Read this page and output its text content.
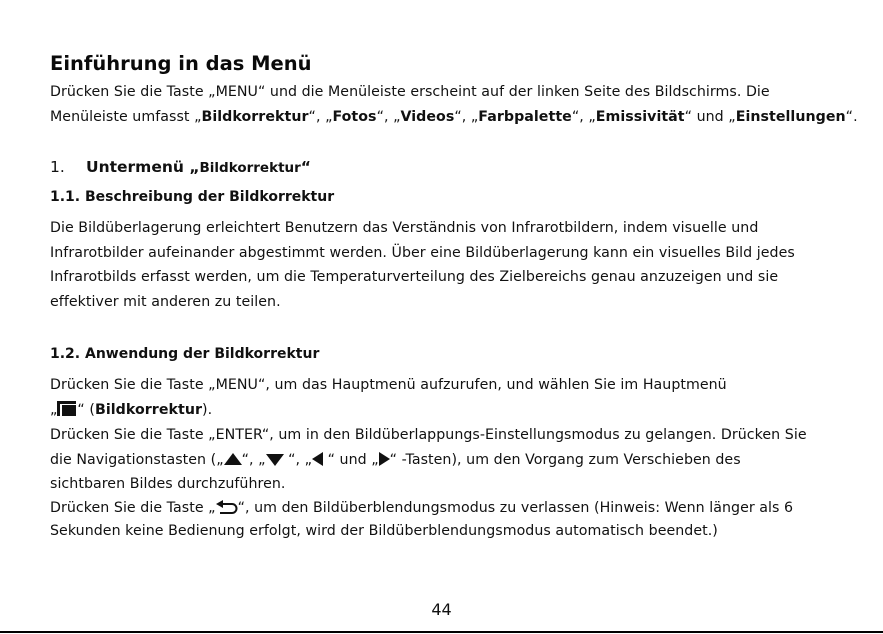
Einführung in das Menü
Drücken Sie die Taste „MENU“ und die Menüleiste erscheint auf der linken Seite des Bildschirms. Die
Menüleiste umfasst „Bildkorrektur“, „Fotos“, „Videos“, „Farbpalette“, „Emissivität“ und „Einstellungen“.
1. Untermenü „Bildkorrektur“
1.1. Beschreibung der Bildkorrektur
Die Bildüberlagerung erleichtert Benutzern das Verständnis von Infrarotbildern, indem visuelle und
Infrarotbilder aufeinander abgestimmt werden. Über eine Bildüberlagerung kann ein visuelles Bild jedes
Infrarotbilds erfasst werden, um die Temperaturverteilung des Zielbereichs genau anzuzeigen und sie
effektiver mit anderen zu teilen.
1.2. Anwendung der Bildkorrektur
Drücken Sie die Taste „MENU“, um das Hauptmenü aufzurufen, und wählen Sie im Hauptmenü
„ “ (Bildkorrektur).
Drücken Sie die Taste „ENTER“, um in den Bildüberlappungs-Einstellungsmodus zu gelangen. Drücken Sie
die Navigationstasten („ “, „ “, „ “ und „ “ -Tasten), um den Vorgang zum Verschieben des
sichtbaren Bildes durchzuführen.
Drücken Sie die Taste „ “, um den Bildüberblendungsmodus zu verlassen (Hinweis: Wenn länger als 6
Sekunden keine Bedienung erfolgt, wird der Bildüberblendungsmodus automatisch beendet.)
44
